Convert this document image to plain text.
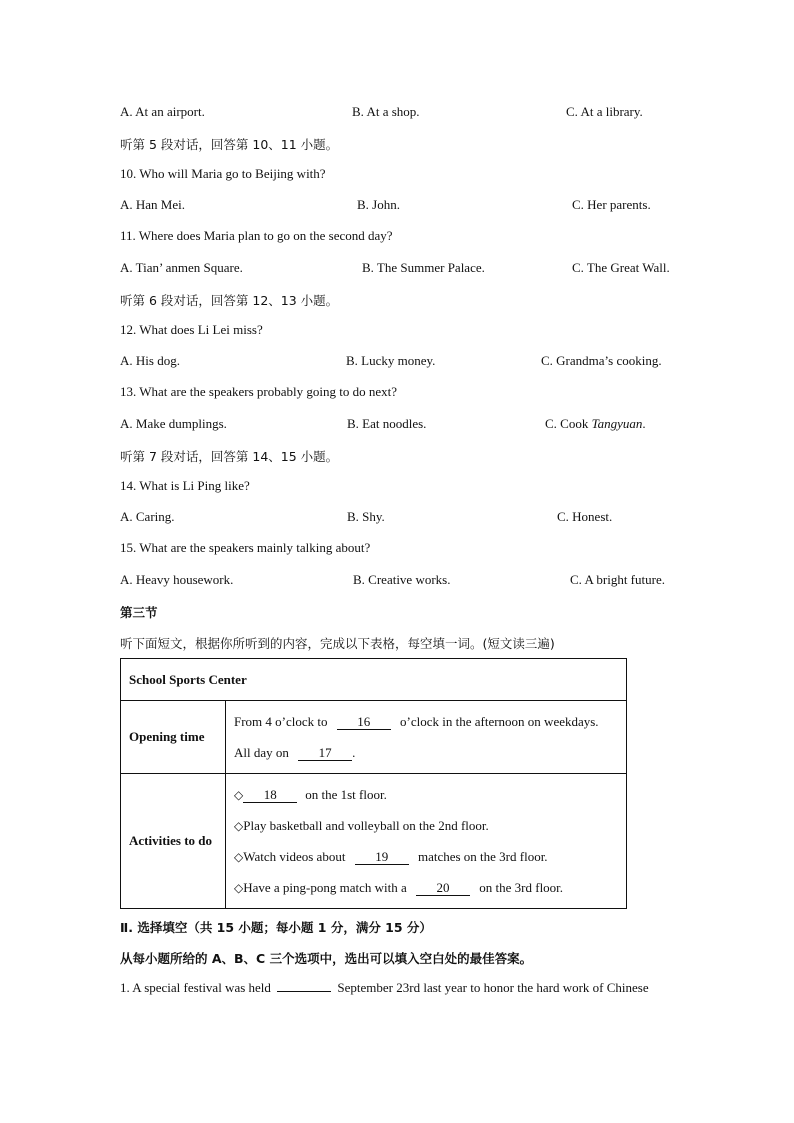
A. At an airport.	B. At a shop.	C. At a library.
听第 5 段对话，回答第 10、11 小题。
10. Who will Maria go to Beijing with?
A. Han Mei.	B. John.	C. Her parents.
11. Where does Maria plan to go on the second day?
A. Tian’ anmen Square.	B. The Summer Palace.	C. The Great Wall.
听第 6 段对话，回答第 12、13 小题。
12. What does Li Lei miss?
A. His dog.	B. Lucky money.	C. Grandma’s cooking.
13. What are the speakers probably going to do next?
A. Make dumplings.	B. Eat noodles.	C. Cook Tangyuan.
听第 7 段对话，回答第 14、15 小题。
14. What is Li Ping like?
A. Caring.	B. Shy.	C. Honest.
15. What are the speakers mainly talking about?
A. Heavy housework.	B. Creative works.	C. A bright future.
第三节
听下面短文，根据你所听到的内容，完成以下表格，每空填一词。(短文读三遍)
School Sports Center	
Opening time	From 4 o’clock to 16 o’clock in the afternoon on weekdays.
All day on 17 .

Activities to do	◇ 18 on the 1st floor.
◇Play basketball and volleyball on the 2nd floor.
◇Watch videos about 19 matches on the 3rd floor.
◇Have a ping-pong match with a 20 on the 3rd floor.
Ⅱ. 选择填空（共 15 小题；每小题 1 分，满分 15 分）
从每小题所给的 A、B、C 三个选项中，选出可以填入空白处的最佳答案。
1. A special festival was held	September 23rd last year to honor the hard work of Chinese
